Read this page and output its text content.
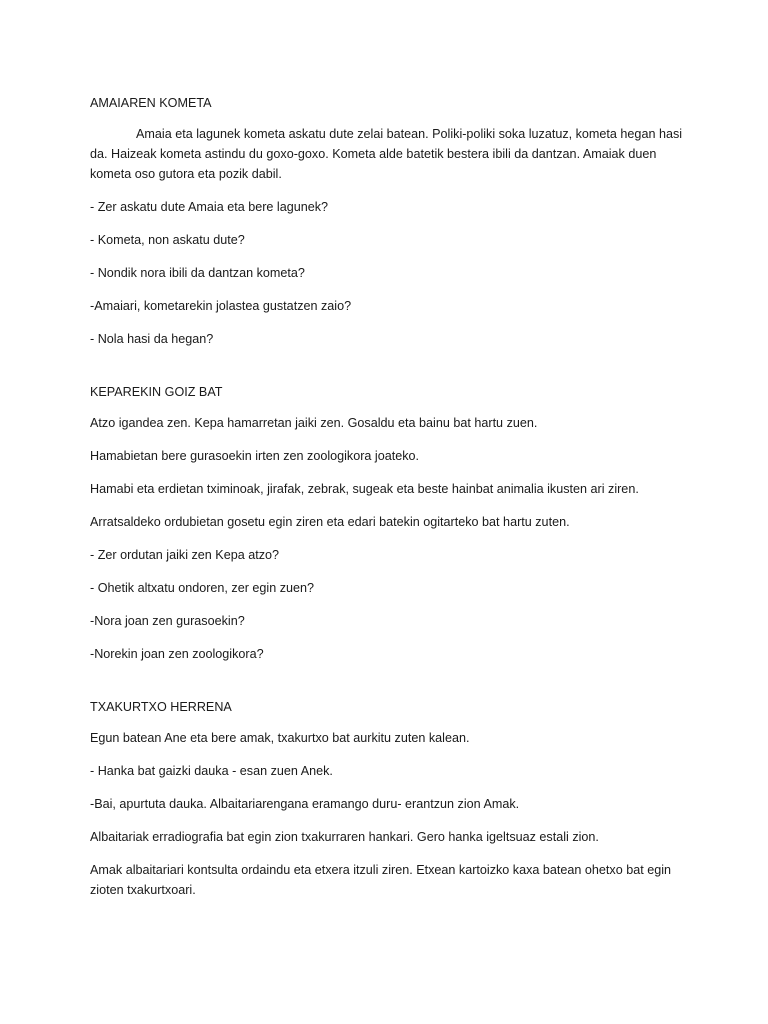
AMAIAREN KOMETA

Amaia eta lagunek kometa askatu dute zelai batean. Poliki-poliki soka luzatuz, kometa hegan hasi da. Haizeak kometa astindu du goxo-goxo. Kometa alde batetik bestera ibili da dantzan. Amaiak duen kometa oso gutora eta pozik dabil.

- Zer askatu dute Amaia eta bere lagunek?

- Kometa, non askatu dute?

- Nondik nora ibili da dantzan kometa?

-Amaiari, kometarekin jolastea gustatzen zaio?

- Nola hasi da hegan?

KEPAREKIN GOIZ BAT

Atzo igandea zen. Kepa hamarretan jaiki zen. Gosaldu eta bainu bat hartu zuen.

Hamabietan bere gurasoekin irten zen zoologikora joateko.

Hamabi eta erdietan tximinoak, jirafak, zebrak, sugeak eta beste hainbat animalia ikusten ari ziren.

Arratsaldeko ordubietan gosetu egin ziren eta edari batekin ogitarteko bat hartu zuten.

- Zer ordutan jaiki zen Kepa atzo?

- Ohetik altxatu ondoren, zer egin zuen?

-Nora joan zen gurasoekin?

-Norekin joan zen zoologikora?

TXAKURTXO HERRENA

Egun batean Ane eta bere amak, txakurtxo bat aurkitu zuten kalean.

- Hanka bat gaizki dauka - esan zuen Anek.

-Bai, apurtuta dauka. Albaitariarengana eramango duru- erantzun zion Amak.

Albaitariak erradiografia bat egin zion txakurraren hankari. Gero hanka igeltsuaz estali zion.

Amak albaitariari kontsulta ordaindu eta etxera itzuli ziren. Etxean kartoizko kaxa batean ohetxo bat egin zioten txakurtxoari.
